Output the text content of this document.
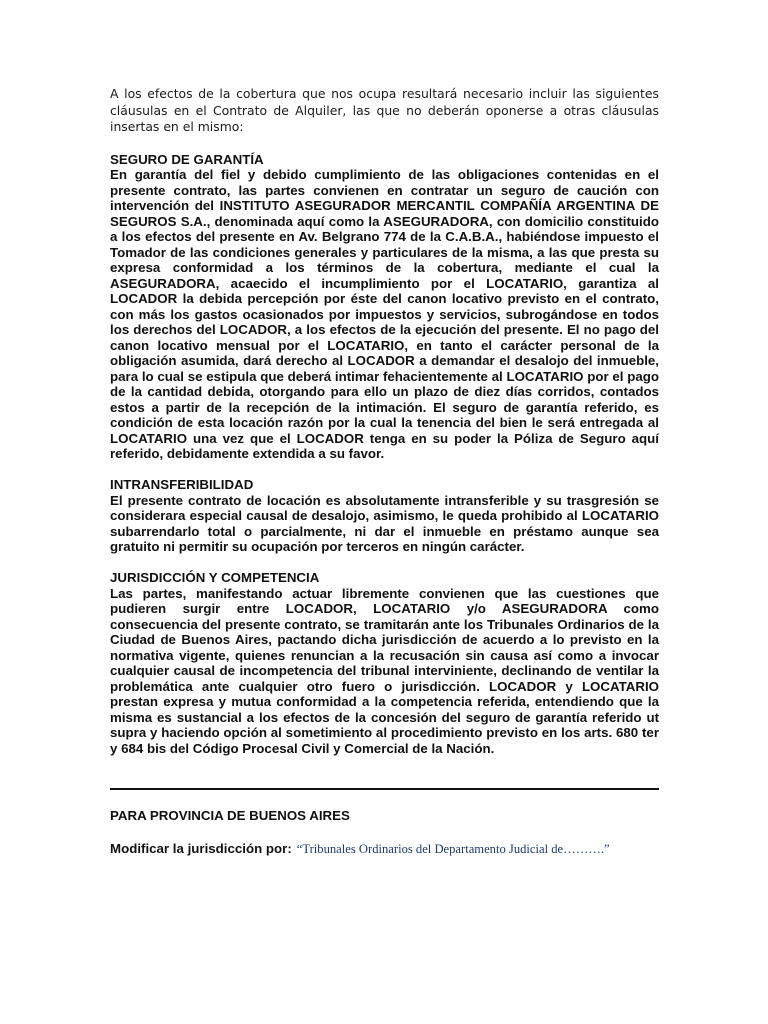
A los efectos de la cobertura que nos ocupa resultará necesario incluir las siguientes cláusulas en el Contrato de Alquiler, las que no deberán oponerse a otras cláusulas insertas en el mismo:

SEGURO DE GARANTÍA
En garantía del fiel y debido cumplimiento de las obligaciones contenidas en el presente contrato, las partes convienen en contratar un seguro de caución con intervención del INSTITUTO ASEGURADOR MERCANTIL COMPAÑÍA ARGENTINA DE SEGUROS S.A., denominada aquí como la ASEGURADORA, con domicilio constituido a los efectos del presente en Av. Belgrano 774 de la C.A.B.A., habiéndose impuesto el Tomador de las condiciones generales y particulares de la misma, a las que presta su expresa conformidad a los términos de la cobertura, mediante el cual la ASEGURADORA, acaecido el incumplimiento por el LOCATARIO, garantiza al LOCADOR la debida percepción por éste del canon locativo previsto en el contrato, con más los gastos ocasionados por impuestos y servicios, subrogándose en todos los derechos del LOCADOR, a los efectos de la ejecución del presente. El no pago del canon locativo mensual por el LOCATARIO, en tanto el carácter personal de la obligación asumida, dará derecho al LOCADOR a demandar el desalojo del inmueble, para lo cual se estipula que deberá intimar fehacientemente al LOCATARIO por el pago de la cantidad debida, otorgando para ello un plazo de diez días corridos, contados estos a partir de la recepción de la intimación. El seguro de garantía referido, es condición de esta locación razón por la cual la tenencia del bien le será entregada al LOCATARIO una vez que el LOCADOR tenga en su poder la Póliza de Seguro aquí referido, debidamente extendida a su favor.
INTRANSFERIBILIDAD
El presente contrato de locación es absolutamente intransferible y su trasgresión se considerara especial causal de desalojo, asimismo, le queda prohibido al LOCATARIO subarrendarlo total o parcialmente, ni dar el inmueble en préstamo aunque sea gratuito ni permitir su ocupación por terceros en ningún carácter.
JURISDICCIÓN Y COMPETENCIA
Las partes, manifestando actuar libremente convienen que las cuestiones que pudieren surgir entre LOCADOR, LOCATARIO y/o ASEGURADORA como consecuencia del presente contrato, se tramitarán ante los Tribunales Ordinarios de la Ciudad de Buenos Aires, pactando dicha jurisdicción de acuerdo a lo previsto en la normativa vigente, quienes renuncian a la recusación sin causa así como a invocar cualquier causal de incompetencia del tribunal interviniente, declinando de ventilar la problemática ante cualquier otro fuero o jurisdicción. LOCADOR y LOCATARIO prestan expresa y mutua conformidad a la competencia referida, entendiendo que la misma es sustancial a los efectos de la concesión del seguro de garantía referido ut supra y haciendo opción al sometimiento al procedimiento previsto en los arts. 680 ter y 684 bis del Código Procesal Civil y Comercial de la Nación.
PARA PROVINCIA DE BUENOS AIRES
Modificar la jurisdicción por: “Tribunales Ordinarios del Departamento Judicial de……….”
